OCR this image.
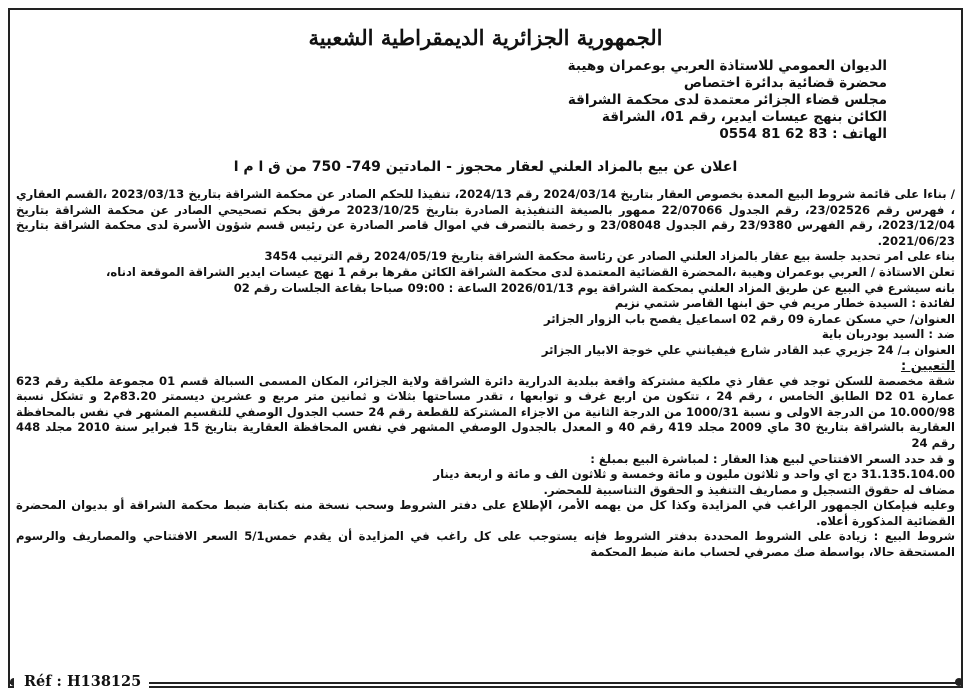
الجمهورية الجزائرية الديمقراطية الشعبية
الديوان العمومي للاستاذة العربي بوعمران وهيبة
محضرة قضائية بدائرة اختصاص
مجلس قضاء الجزائر معتمدة لدى محكمة الشراقة
الكائن بنهج عيسات ايدير، رقم 01، الشراقة
الهاتف : 0554 81 62 83
اعلان عن بيع بالمزاد العلني لعقار محجوز - المادتين 749- 750 من ق ا م ا

/ بناءا على قائمة شروط البيع المعدة بخصوص العقار بتاريخ 2024/03/14 رقم 2024/13، تنفيذا للحكم الصادر عن محكمة الشراقة بتاريخ 2023/03/13 ،القسم العقاري ، فهرس رقم 23/02526، رقم الجدول 22/07066 ممهور بالصيغة التنفيذية الصادرة بتاريخ 2023/10/25 مرفق بحكم تصحيحي الصادر عن محكمة الشراقة بتاريخ 2023/12/04، رقم الفهرس 23/9380 رقم الجدول 23/08048 و رخصة بالتصرف في اموال قاصر الصادرة عن رئيس قسم شؤون الأسرة لدى محكمة الشراقة بتاريخ 2021/06/23.

بناء على امر تحديد جلسة بيع عقار بالمزاد العلني الصادر عن رئاسة محكمة الشراقة بتاريخ 2024/05/19 رقم الترتيب 3454

تعلن الاستاذة / العربي بوعمران وهيبة ،المحضرة القضائية المعتمدة لدى محكمة الشراقة الكائن مقرها برقم 1 نهج عيسات ايدير الشراقة الموقعة ادناه،

بانه سيشرع في البيع عن طريق المزاد العلني بمحكمة الشراقة يوم 2026/01/13 الساعة : 09:00 صباحا بقاعة الجلسات رقم 02

لفائدة : السيدة خطار مريم في حق ابنها القاصر شتمي نزيم

العنوان/ حي مسكن عمارة 09 رقم 02 اسماعيل يفصح باب الزوار الجزائر

ضد : السيد بودربان باية

العنوان بـ/ 24 جزيري عبد القادر شارع فيفيانني علي خوجة الابيار الجزائر

التعيين :

شقة مخصصة للسكن توجد في عقار ذي ملكية مشتركة واقعة ببلدية الدرارية دائرة الشراقة ولاية الجزائر، المكان المسمى السبالة قسم 01 مجموعة ملكية رقم 623 عمارة D2 01 الطابق الخامس ، رقم 24 ، تتكون من اربع غرف و توابعها ، تقدر مساحتها بثلاث و ثمانين متر مربع و عشرين ديسمتر 83.20م2 و تشكل نسبة 10.000/98 من الدرجة الاولى و نسبة 1000/31 من الدرجة الثانية من الاجزاء المشتركة للقطعة رقم 24 حسب الجدول الوصفي للتقسيم المشهر في نفس بالمحافظة العقارية بالشراقة بتاريخ 30 ماي 2009 مجلد 419 رقم 40 و المعدل بالجدول الوصفي المشهر في نفس المحافظة العقارية بتاريخ 15 فبراير سنة 2010 مجلد 448 رقم 24

و قد حدد السعر الافتتاحي لبيع هذا العقار : لمباشرة البيع بمبلغ :

31.135.104.00 دج اي واحد و ثلاثون مليون و مائة وخمسة و ثلاثون الف و مائة و اربعة دينار

مضاف له حقوق التسجيل و مصاريف التنفيذ و الحقوق التناسبية للمحضر.

وعليه فبإمكان الجمهور الراغب في المزايدة وكذا كل من يهمه الأمر، الإطلاع على دفتر الشروط وسحب نسخة منه بكتابة ضبط محكمة الشراقة أو بديوان المحضرة القضائية المذكورة أعلاه.

شروط البيع : زيادة على الشروط المحددة بدفتر الشروط فإنه يستوجب على كل راغب في المزايدة أن يقدم خمس5/1 السعر الافتتاحي والمصاريف والرسوم المستحقة حالا، بواسطة صك مصرفي لحساب مانة ضبط المحكمة

Réf : H138125
